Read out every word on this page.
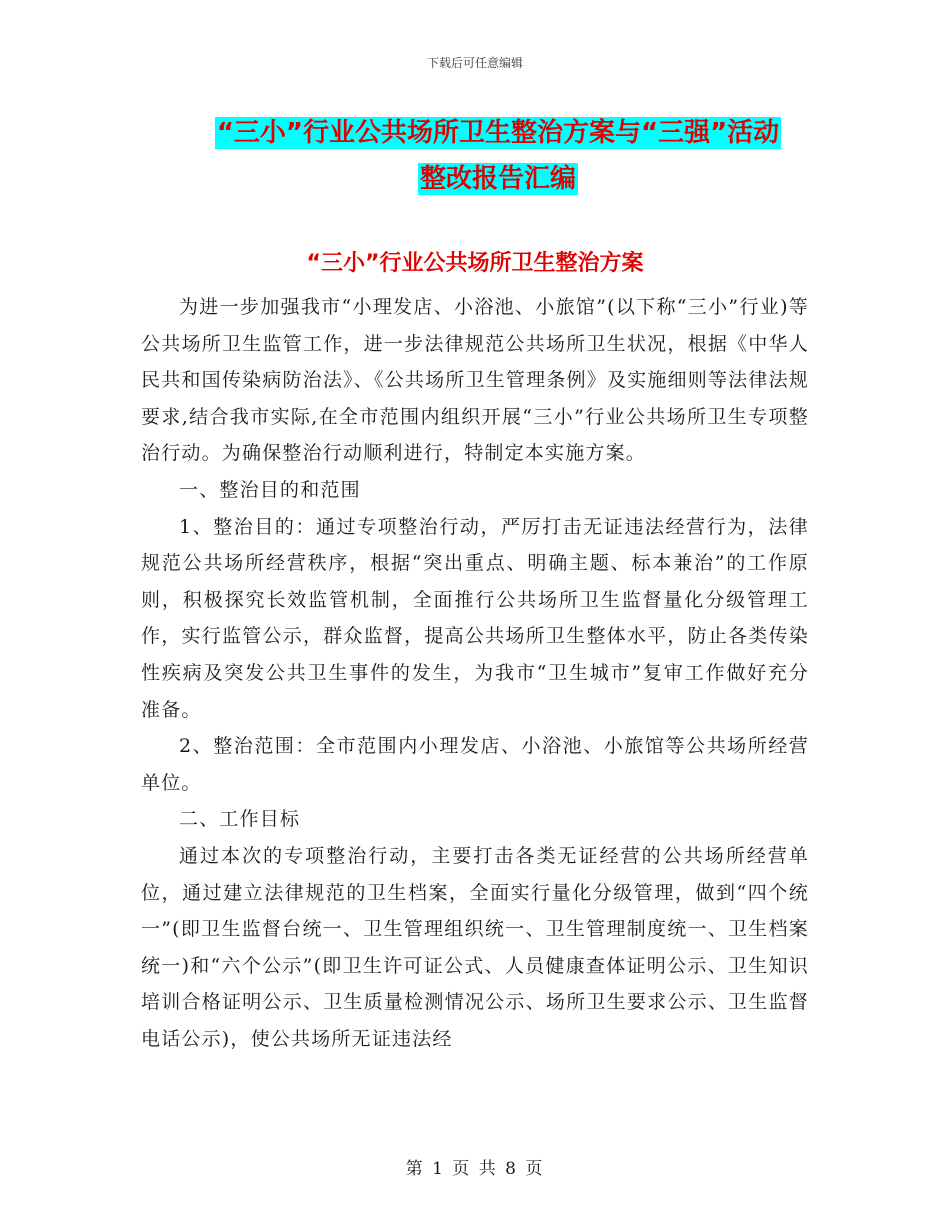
下载后可任意编辑
“三小”行业公共场所卫生整治方案与“三强”活动
整改报告汇编
“三小”行业公共场所卫生整治方案

为进一步加强我市“小理发店、小浴池、小旅馆”(以下称“三小”行业)等公共场所卫生监管工作，进一步法律规范公共场所卫生状况，根据《中华人民共和国传染病防治法》、《公共场所卫生管理条例》及实施细则等法律法规要求,结合我市实际,在全市范围内组织开展“三小”行业公共场所卫生专项整治行动。为确保整治行动顺利进行，特制定本实施方案。

一、整治目的和范围

1、整治目的：通过专项整治行动，严厉打击无证违法经营行为，法律规范公共场所经营秩序，根据“突出重点、明确主题、标本兼治”的工作原则，积极探究长效监管机制，全面推行公共场所卫生监督量化分级管理工作，实行监管公示，群众监督，提高公共场所卫生整体水平，防止各类传染性疾病及突发公共卫生事件的发生，为我市“卫生城市”复审工作做好充分准备。

2、整治范围：全市范围内小理发店、小浴池、小旅馆等公共场所经营单位。

二、工作目标

通过本次的专项整治行动，主要打击各类无证经营的公共场所经营单位，通过建立法律规范的卫生档案，全面实行量化分级管理，做到“四个统一”(即卫生监督台统一、卫生管理组织统一、卫生管理制度统一、卫生档案统一)和“六个公示”(即卫生许可证公式、人员健康查体证明公示、卫生知识培训合格证明公示、卫生质量检测情况公示、场所卫生要求公示、卫生监督电话公示)，使公共场所无证违法经

第 1 页 共 8 页
